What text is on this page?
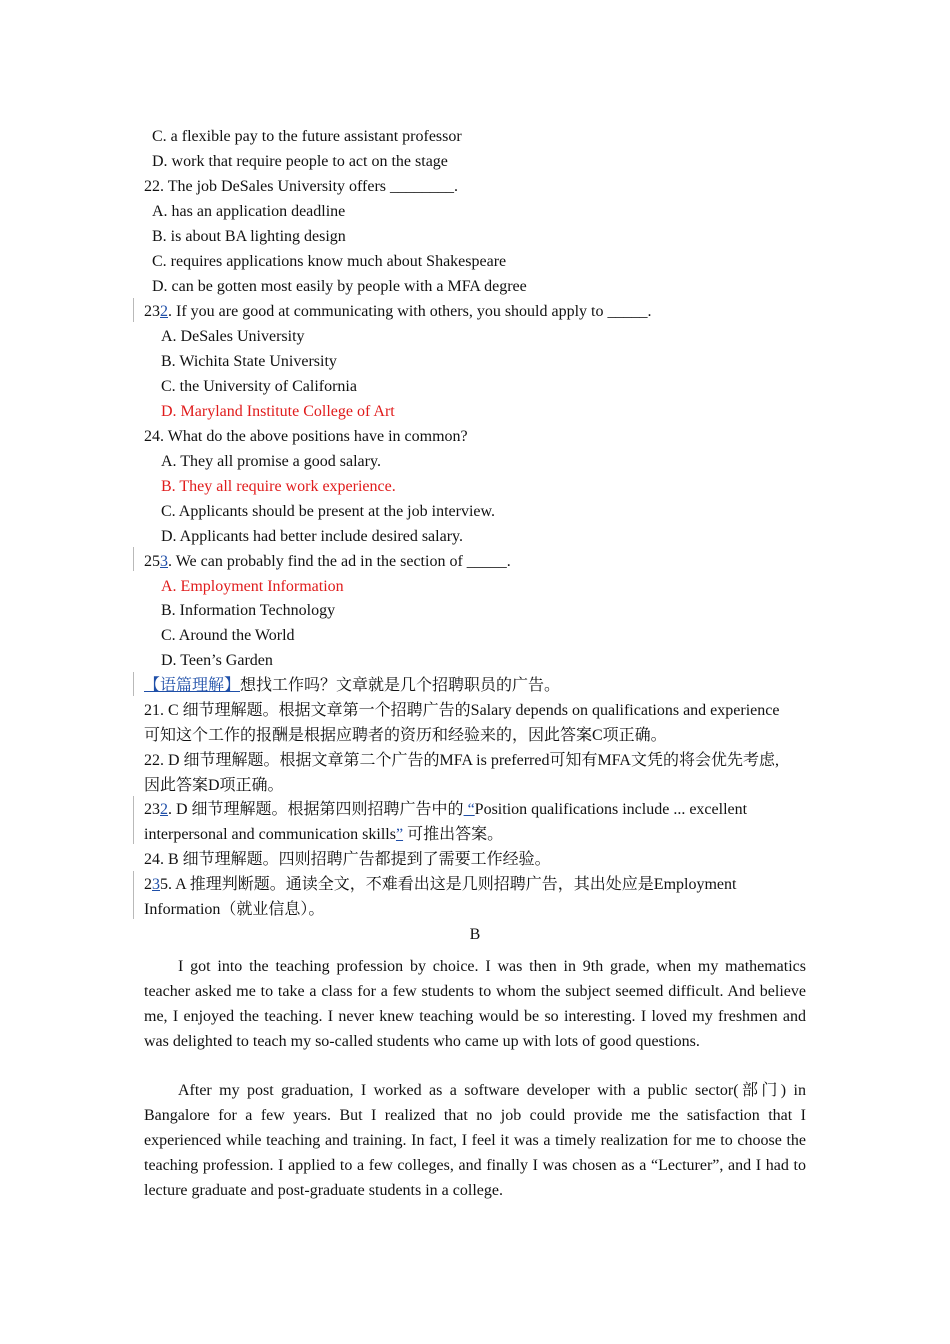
C. a flexible pay to the future assistant professor
D. work that require people to act on the stage
22. The job DeSales University offers ________.
A. has an application deadline
B. is about BA lighting design
C. requires applications know much about Shakespeare
D. can be gotten most easily by people with a MFA degree
232. If you are good at communicating with others, you should apply to _____.
A. DeSales University
B. Wichita State University
C. the University of California
D. Maryland Institute College of Art
24. What do the above positions have in common?
A. They all promise a good salary.
B. They all require work experience.
C. Applicants should be present at the job interview.
D. Applicants had better include desired salary.
253. We can probably find the ad in the section of _____.
A. Employment Information
B. Information Technology
C. Around the World
D. Teen’s Garden
【语篇理解】想找工作吗？文章就是几个招聘职员的广告。
21. C 细节理解题。根据文章第一个招聘广告的Salary depends on qualifications and experience
可知这个工作的报酬是根据应聘者的资历和经验来的，因此答案C项正确。
22. D 细节理解题。根据文章第二个广告的MFA is preferred可知有MFA文凭的将会优先考虑,
因此答案D项正确。
232. D 细节理解题。根据第四则招聘广告中的 “Position qualifications include ... excellent
interpersonal and communication skills” 可推出答案。
24. B 细节理解题。四则招聘广告都提到了需要工作经验。
235. A 推理判断题。通读全文，不难看出这是几则招聘广告，其出处应是Employment
Information（就业信息）。
B
I got into the teaching profession by choice. I was then in 9th grade, when my mathematics teacher asked me to take a class for a few students to whom the subject seemed difficult. And believe me, I enjoyed the teaching. I never knew teaching would be so interesting. I loved my freshmen and was delighted to teach my so-called students who came up with lots of good questions.
After my post graduation, I worked as a software developer with a public sector(部门) in Bangalore for a few years. But I realized that no job could provide me the satisfaction that I experienced while teaching and training. In fact, I feel it was a timely realization for me to choose the teaching profession. I applied to a few colleges, and finally I was chosen as a “Lecturer”, and I had to lecture graduate and post-graduate students in a college.
